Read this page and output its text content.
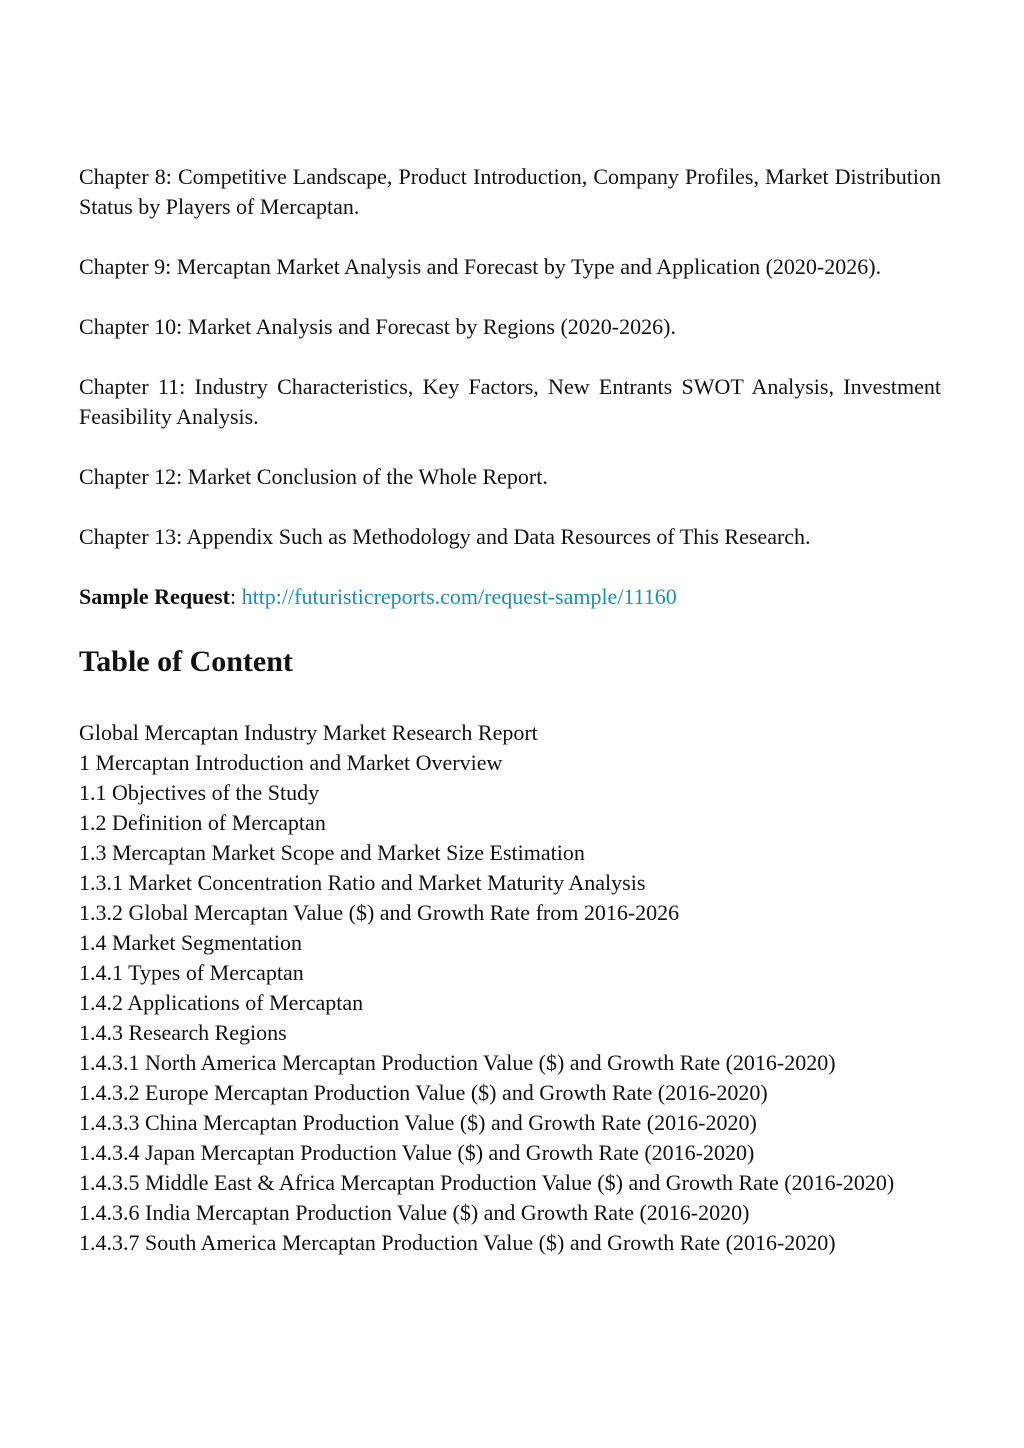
Chapter 8: Competitive Landscape, Product Introduction, Company Profiles, Market Distribution Status by Players of Mercaptan.

Chapter 9: Mercaptan Market Analysis and Forecast by Type and Application (2020-2026).

Chapter 10: Market Analysis and Forecast by Regions (2020-2026).

Chapter 11: Industry Characteristics, Key Factors, New Entrants SWOT Analysis, Investment Feasibility Analysis.

Chapter 12: Market Conclusion of the Whole Report.

Chapter 13: Appendix Such as Methodology and Data Resources of This Research.

Sample Request: http://futuristicreports.com/request-sample/11160

Table of Content
Global Mercaptan Industry Market Research Report
1 Mercaptan Introduction and Market Overview
1.1 Objectives of the Study
1.2 Definition of Mercaptan
1.3 Mercaptan Market Scope and Market Size Estimation
1.3.1 Market Concentration Ratio and Market Maturity Analysis
1.3.2 Global Mercaptan Value ($) and Growth Rate from 2016-2026
1.4 Market Segmentation
1.4.1 Types of Mercaptan
1.4.2 Applications of Mercaptan
1.4.3 Research Regions
1.4.3.1 North America Mercaptan Production Value ($) and Growth Rate (2016-2020)
1.4.3.2 Europe Mercaptan Production Value ($) and Growth Rate (2016-2020)
1.4.3.3 China Mercaptan Production Value ($) and Growth Rate (2016-2020)
1.4.3.4 Japan Mercaptan Production Value ($) and Growth Rate (2016-2020)
1.4.3.5 Middle East & Africa Mercaptan Production Value ($) and Growth Rate (2016-2020)
1.4.3.6 India Mercaptan Production Value ($) and Growth Rate (2016-2020)
1.4.3.7 South America Mercaptan Production Value ($) and Growth Rate (2016-2020)
